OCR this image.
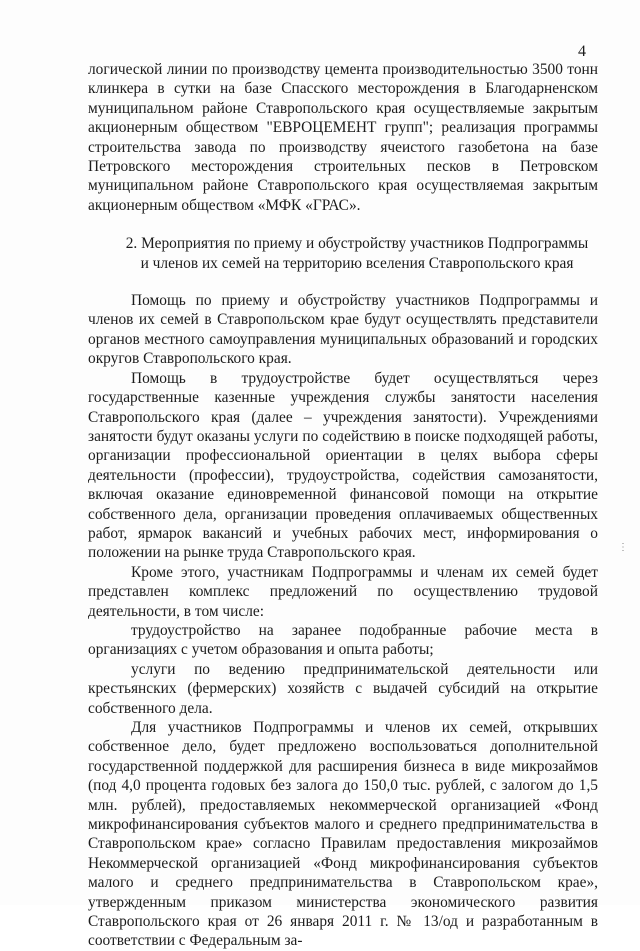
4

логической линии по производству цемента производительностью 3500 тонн клинкера в сутки на базе Спасского месторождения в Благодарненском муниципальном районе Ставропольского края осуществляемые закрытым акционерным обществом "ЕВРОЦЕМЕНТ групп"; реализация программы строительства завода по производству ячеистого газобетона на базе Петровского месторождения строительных песков в Петровском муниципальном районе Ставропольского края осуществляемая закрытым акционерным обществом «МФК «ГРАС».

2. Мероприятия по приему и обустройству участников Подпрограммы
и членов их семей на территорию вселения Ставропольского края

Помощь по приему и обустройству участников Подпрограммы и членов их семей в Ставропольском крае будут осуществлять представители органов местного самоуправления муниципальных образований и городских округов Ставропольского края.

Помощь в трудоустройстве будет осуществляться через государственные казенные учреждения службы занятости населения Ставропольского края (далее – учреждения занятости). Учреждениями занятости будут оказаны услуги по содействию в поиске подходящей работы, организации профессиональной ориентации в целях выбора сферы деятельности (профессии), трудоустройства, содействия самозанятости, включая оказание единовременной финансовой помощи на открытие собственного дела, организации проведения оплачиваемых общественных работ, ярмарок вакансий и учебных рабочих мест, информирования о положении на рынке труда Ставропольского края.

Кроме этого, участникам Подпрограммы и членам их семей будет представлен комплекс предложений по осуществлению трудовой деятельности, в том числе:

трудоустройство на заранее подобранные рабочие места в организациях с учетом образования и опыта работы;

услуги по ведению предпринимательской деятельности или крестьянских (фермерских) хозяйств с выдачей субсидий на открытие собственного дела.

Для участников Подпрограммы и членов их семей, открывших собственное дело, будет предложено воспользоваться дополнительной государственной поддержкой для расширения бизнеса в виде микрозаймов (под 4,0 процента годовых без залога до 150,0 тыс. рублей, с залогом до 1,5 млн. рублей), предоставляемых некоммерческой организацией «Фонд микрофинансирования субъектов малого и среднего предпринимательства в Ставропольском крае» согласно Правилам предоставления микрозаймов Некоммерческой организацией «Фонд микрофинансирования субъектов малого и среднего предпринимательства в Ставропольском крае», утвержденным приказом министерства экономического развития Ставропольского края от 26 января 2011 г. № 13/од и разработанным в соответствии с Федеральным за-

⋮
